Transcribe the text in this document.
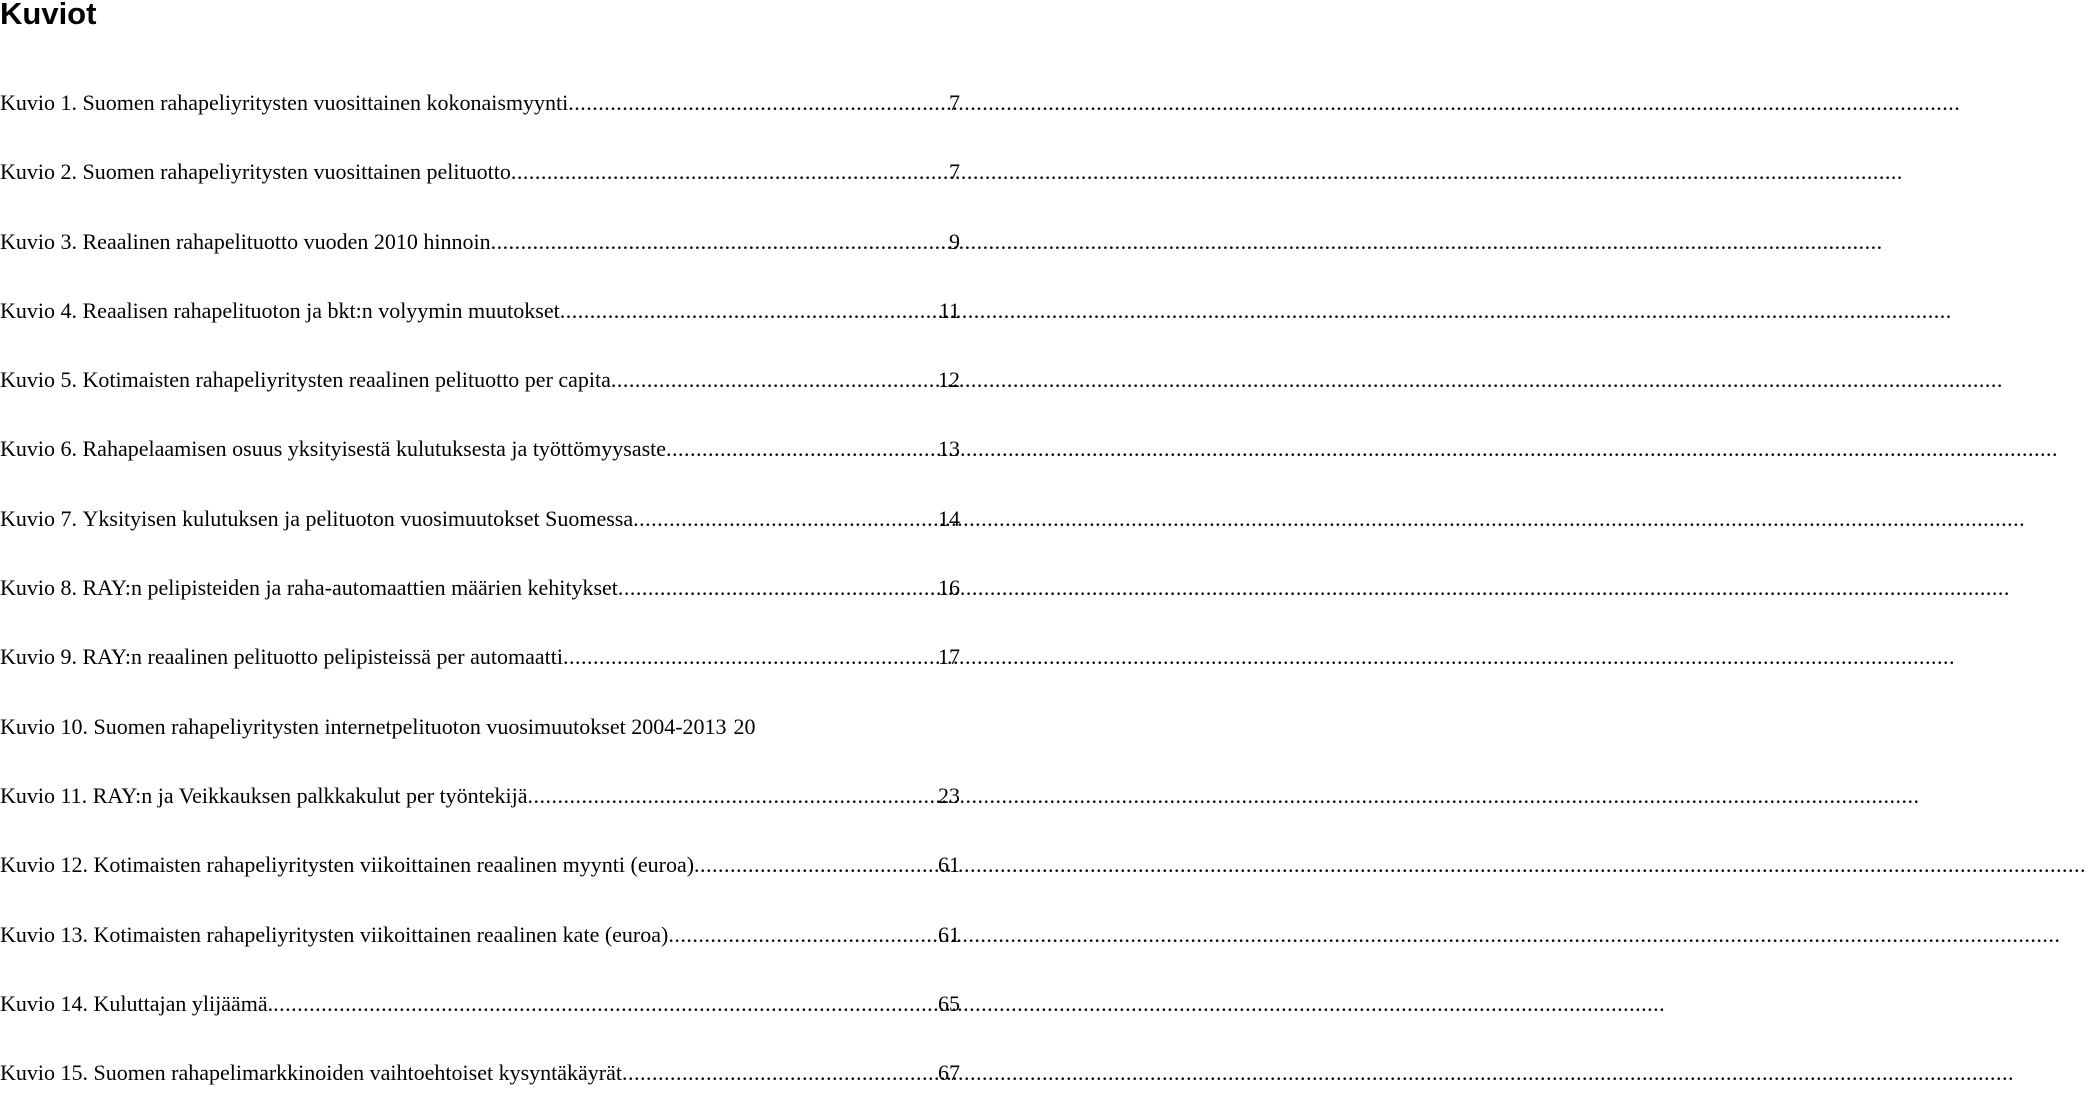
Kuviot
Kuvio 1.
Suomen rahapeliyritysten vuosittainen kokonaismyynti .....	7
Kuvio 2.
Suomen rahapeliyritysten vuosittainen pelituotto .....	7
Kuvio 3.
Reaalinen rahapelituotto vuoden 2010 hinnoin .....	9
Kuvio 4.
Reaalisen rahapelituoton ja bkt:n volyymin muutokset .....	11
Kuvio 5.
Kotimaisten rahapeliyritysten reaalinen pelituotto per capita .....	12
Kuvio 6.
Rahapelaamisen osuus yksityisestä kulutuksesta ja työttömyysaste .....	13
Kuvio 7.
Yksityisen kulutuksen ja pelituoton vuosimuutokset Suomessa .....	14
Kuvio 8.
RAY:n pelipisteiden ja raha-automaattien määrien kehitykset .....	16
Kuvio 9.
RAY:n reaalinen pelituotto pelipisteissä per automaatti .....	17
Kuvio 10.
Suomen rahapeliyritysten internetpelituoton vuosimuutokset 2004-2013 20
Kuvio 11.
RAY:n ja Veikkauksen palkkakulut per työntekijä .....	23
Kuvio 12.
Kotimaisten rahapeliyritysten viikoittainen reaalinen myynti (euroa) .....	61
Kuvio 13.
Kotimaisten rahapeliyritysten viikoittainen reaalinen kate (euroa) .....	61
Kuvio 14.
Kuluttajan ylijäämä. .....	65
Kuvio 15.
Suomen rahapelimarkkinoiden vaihtoehtoiset kysyntäkäyrät .....	67
